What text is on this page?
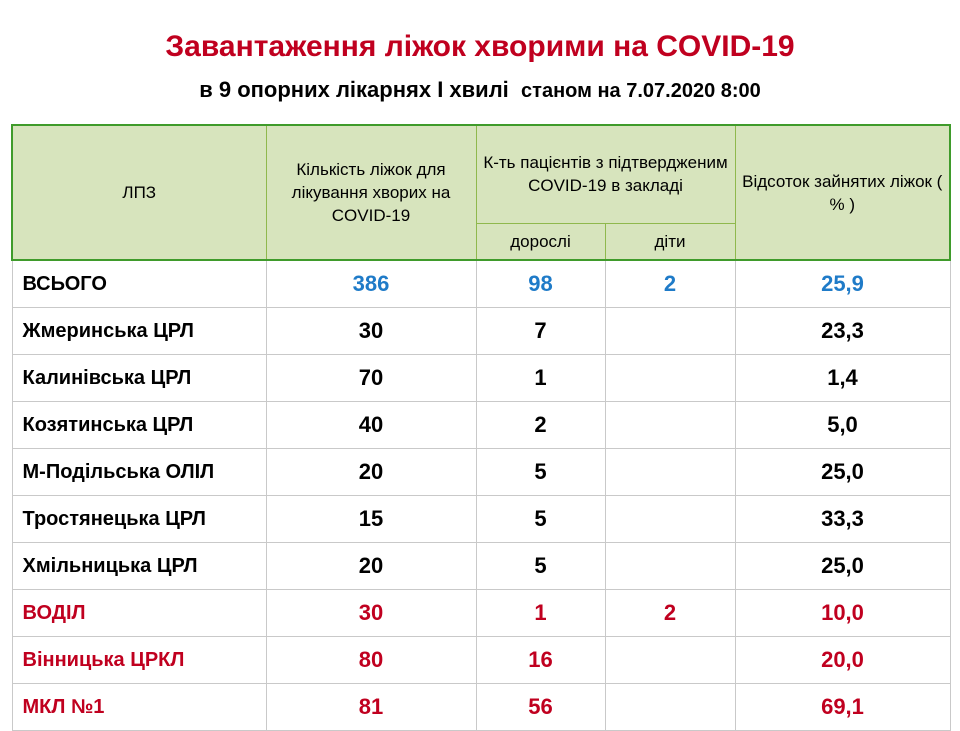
Завантаження ліжок хворими на COVID-19
в 9 опорних лікарнях І хвилі станом на 7.07.2020 8:00
ЛПЗ	Кількість ліжок для лікування хворих на COVID-19	К-ть пацієнтів з підтвердженим COVID-19 в закладі		Відсоток зайнятих ліжок ( % )
		дорослі	діти	
ВСЬОГО	386	98	2	25,9
Жмеринська ЦРЛ	30	7		23,3
Калинівська ЦРЛ	70	1		1,4
Козятинська ЦРЛ	40	2		5,0
М-Подільська ОЛІЛ	20	5		25,0
Тростянецька ЦРЛ	15	5		33,3
Хмільницька ЦРЛ	20	5		25,0
ВОДІЛ	30	1	2	10,0
Вінницька ЦРКЛ	80	16		20,0
МКЛ №1	81	56		69,1
